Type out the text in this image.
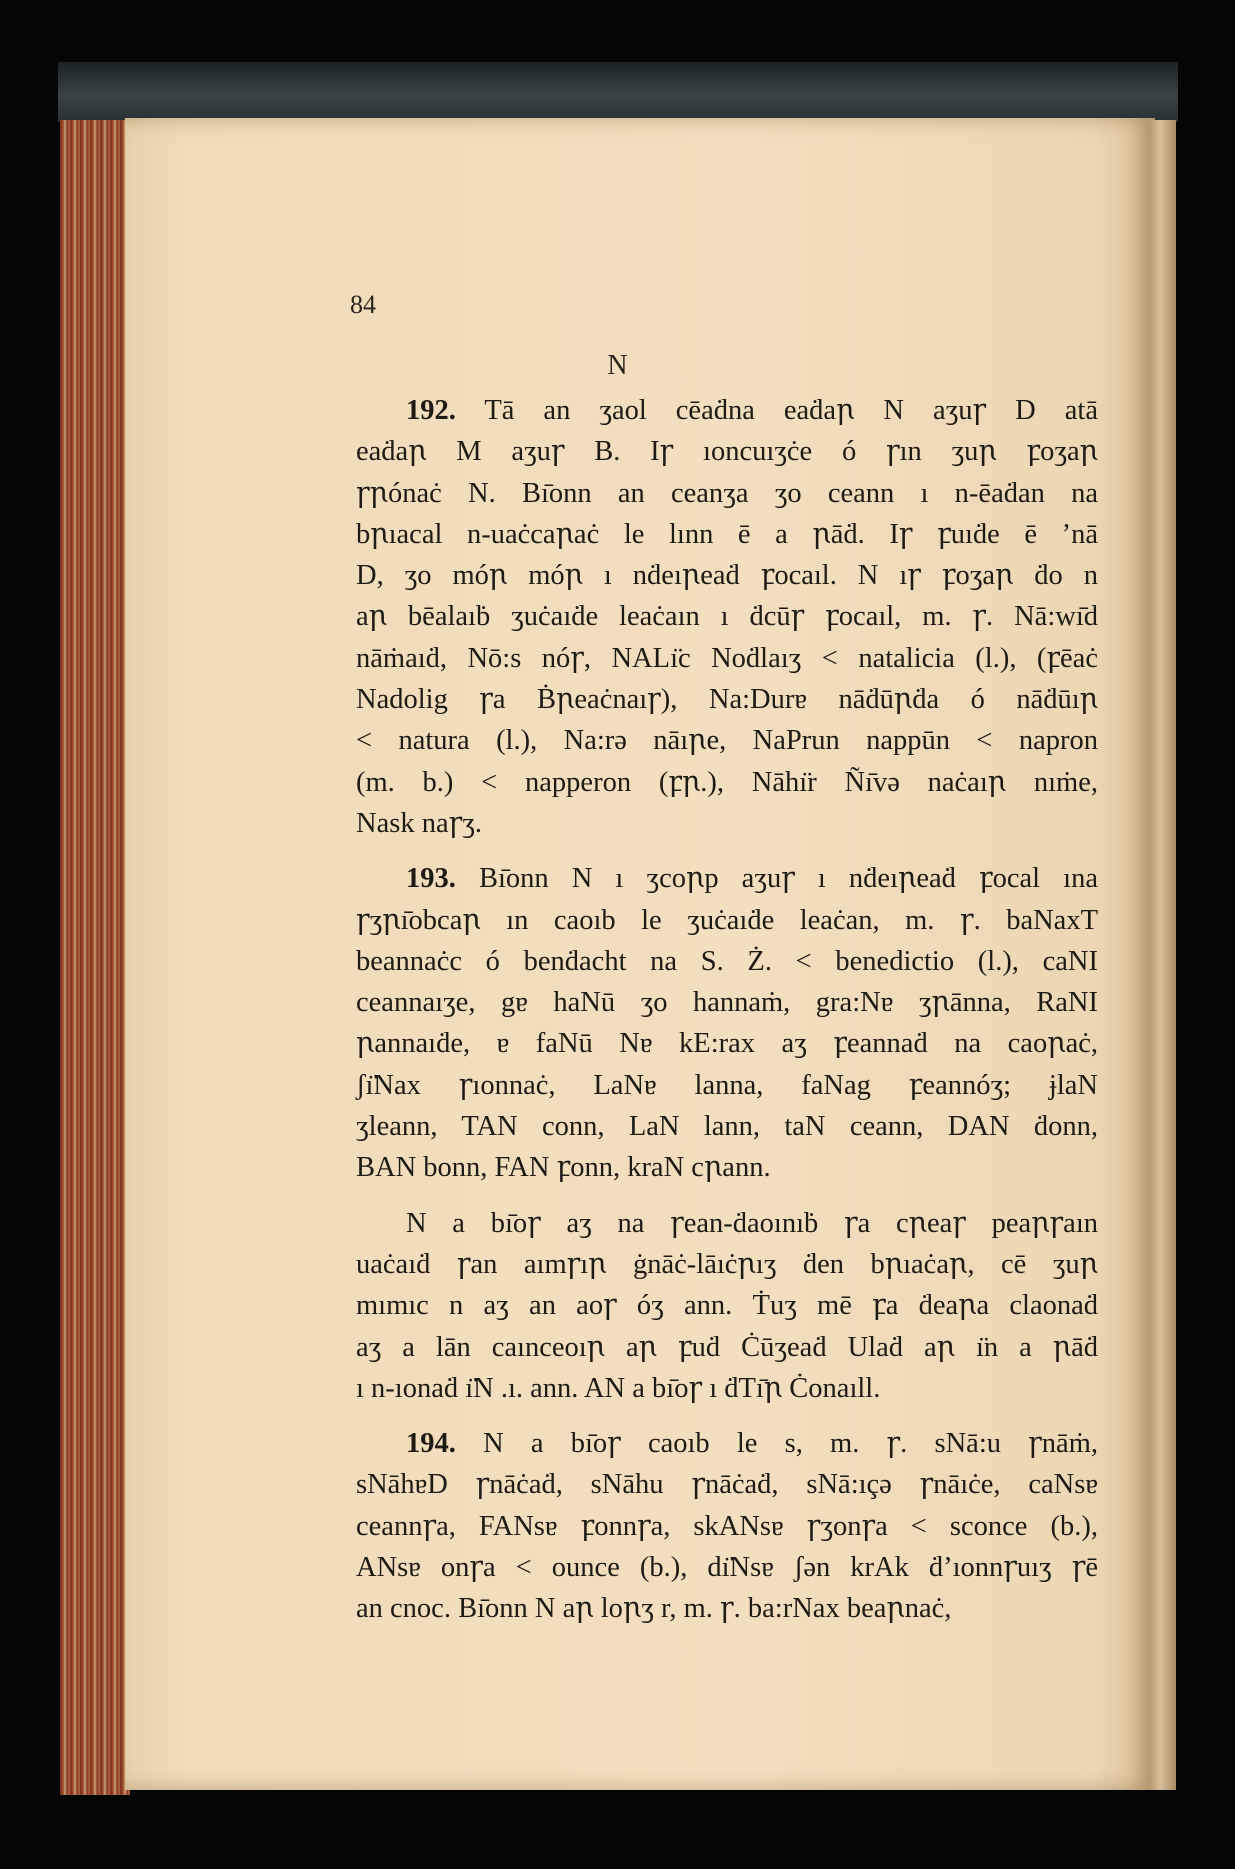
84
N
192. Tā an ʒaol cēaḋna eaḋaꞃ N aʒuꞅ D atā
eaḋaꞃ M aʒuꞅ B. Iꞅ ıoncuıʒċe ó ꞅın ʒuꞃ ꝼoʒaꞃ
ꞅꞃónaċ N. Bı̄onn an ceanʒa ʒo ceann ı n-ēaḋan na
bꞃıacal n-uaċcaꞃaċ le lınn ē a ꞃāḋ. Iꞅ ꝼuıḋe ē ’nā
D, ʒo móꞃ móꞃ ı nḋeıꞃeaḋ ꝼocaıl. N ıꞅ ꝼoʒaꞃ ḋo n
aꞃ bēalaıḃ ʒuċaıḋe leaċaın ı ḋcūꞅ ꝼocaıl, m. ꞅ. Nā:wı̄d
nāṁaıḋ, Nō:s nóꞅ, NALı̈c Noḋlaıʒ < natalicia (l.), (ꝼēaċ
Nadolig ꞅa Ḃꞃeaċnaıꞅ), Na:Durɐ nāḋūꞃḋa ó nāḋūıꞃ
< natura (l.), Na:rə nāıꞃe, NaPrun nappūn < napron
(m. b.) < napperon (ꝼꞃ.), Nāhı̈r Ñı̄və naċaıꞃ nıṁe,
Nask naꞅʒ.
193. Bı̄onn N ı ʒcoꞃp aʒuꞅ ı nḋeıꞃeaḋ ꝼocal ına
ꞅʒꞃı̄obcaꞃ ın caoıb le ʒuċaıḋe leaċan, m. ꞅ. baNaxT
beannaċc ó benḋacht na S. Ż. < benedictio (l.), caNI
ceannaıʒe, gɐ haNū ʒo hannaṁ, gra:Nɐ ʒꞃānna, RaNI
ꞃannaıḋe, ɐ faNū Nɐ kE:rax aʒ ꝼeannaḋ na caoꞃaċ,
ʃı̈Nax ꞅıonnaċ, LaNɐ lanna, faNag ꝼeannóʒ; ɉlaN
ʒleann, TAN conn, LaN lann, taN ceann, DAN ḋonn,
BAN bonn, FAN ꝼonn, kraN cꞃann.
N a bı̄oꞅ aʒ na ꞅean-ḋaoınıḃ ꞅa cꞃeaꞅ peaꞃꞅaın
uaċaıḋ ꞅan aımꞅıꞃ ġnāċ-lāıċꞃıʒ ḋen bꞃıaċaꞃ, cē ʒuꞃ
mımıc n aʒ an aoꞅ óʒ ann. Ṫuʒ mē ꝼa ḋeaꞃa claonaḋ
aʒ a lān caınceoıꞃ aꞃ ꝼuḋ Ċūʒeaḋ Ulaḋ aꞃ ı̈n a ꞃāḋ
ı n-ıonaḋ ı̈N .ı. ann. AN a bı̄oꞅ ı ḋTı̄ꞃ Ċonaıll.
194. N a bı̄oꞅ caoıb le s, m. ꞅ. sNā:u ꞅnāṁ,
sNāhɐD ꞅnāċaḋ, sNāhu ꞅnāċaḋ, sNā:ıçə ꞅnāıċe, caNsɐ
ceannꞅa, FANsɐ ꝼonnꞅa, skANsɐ ꞅʒonꞅa < sconce (b.),
ANsɐ onꞅa < ounce (b.), dı̈Nsɐ ʃən krAk ḋ’ıonnꞅuıʒ ꞅē
an cnoc. Bı̄onn N aꞃ loꞃʒ r, m. ꞅ. ba:rNax beaꞃnaċ,
